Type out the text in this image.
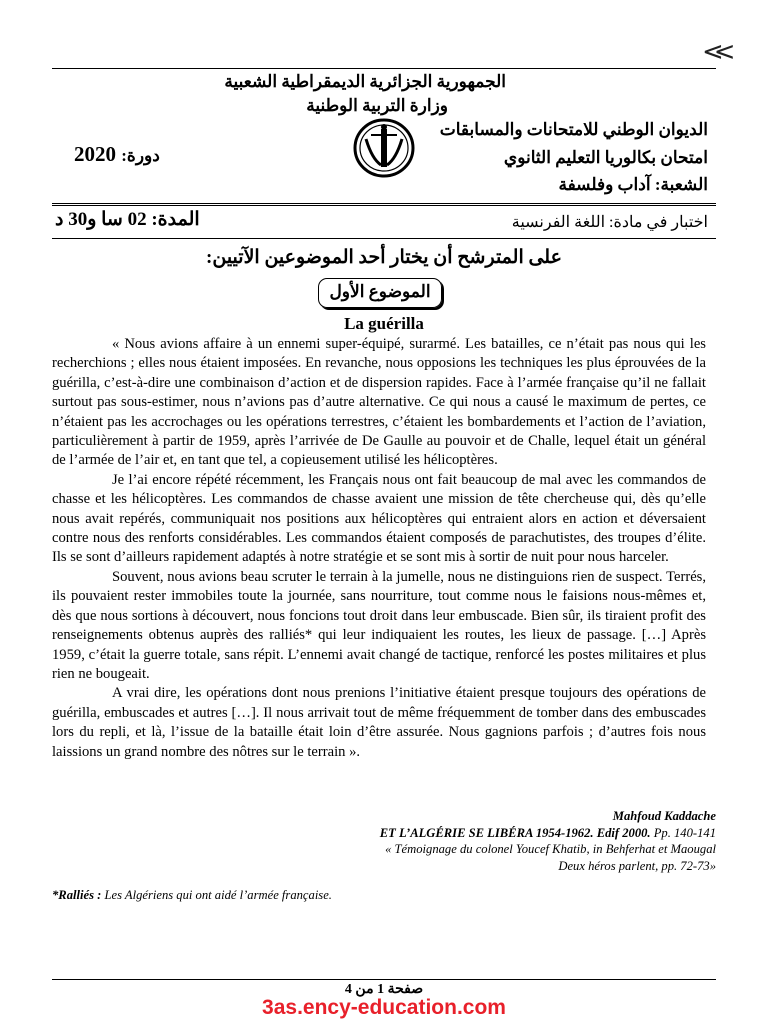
<<
الجمهورية الجزائرية الديمقراطية الشعبية
وزارة التربية الوطنية
الديوان الوطني للامتحانات والمسابقات
امتحان بكالوريا التعليم الثانوي
الشعبة: آداب وفلسفة
دورة: 2020
اختبار في مادة: اللغة الفرنسية
المدة: 02 سا و30 د
على المترشح أن يختار أحد الموضوعين الآتيين:
الموضوع الأول
La guérilla

« Nous avions affaire à un ennemi super-équipé, surarmé. Les batailles, ce n’était pas nous qui les recherchions ; elles nous étaient imposées. En revanche, nous opposions les techniques les plus éprouvées de la guérilla, c’est-à-dire une combinaison d’action et de dispersion rapides. Face à l’armée française qu’il ne fallait surtout pas sous-estimer, nous n’avions pas d’autre alternative. Ce qui nous a causé le maximum de pertes, ce n’étaient pas les accrochages ou les opérations terrestres, c’étaient les bombardements et l’action de l’aviation, particulièrement à partir de 1959, après l’arrivée de De Gaulle au pouvoir et de Challe, lequel était un général de l’armée de l’air et, en tant que tel, a copieusement utilisé les hélicoptères.

Je l’ai encore répété récemment, les Français nous ont fait beaucoup de mal avec les commandos de chasse et les hélicoptères. Les commandos de chasse avaient une mission de tête chercheuse qui, dès qu’elle nous avait repérés, communiquait nos positions aux hélicoptères qui entraient alors en action et déversaient contre nous des renforts considérables. Les commandos étaient composés de parachutistes, des troupes d’élite. Ils se sont d’ailleurs rapidement adaptés à notre stratégie et se sont mis à sortir de nuit pour nous harceler.

Souvent, nous avions beau scruter le terrain à la jumelle, nous ne distinguions rien de suspect. Terrés, ils pouvaient rester immobiles toute la journée, sans nourriture, tout comme nous le faisions nous-mêmes et, dès que nous sortions à découvert, nous foncions tout droit dans leur embuscade. Bien sûr, ils tiraient profit des renseignements obtenus auprès des ralliés* qui leur indiquaient les routes, les lieux de passage. […] Après 1959, c’était la guerre totale, sans répit. L’ennemi avait changé de tactique, renforcé les postes militaires et plus rien ne bougeait.

A vrai dire, les opérations dont nous prenions l’initiative étaient presque toujours des opérations de guérilla, embuscades et autres […]. Il nous arrivait tout de même fréquemment de tomber dans des embuscades lors du repli, et là, l’issue de la bataille était loin d’être assurée. Nous gagnions parfois ; d’autres fois nous laissions un grand nombre des nôtres sur le terrain ».

Mahfoud Kaddache
ET L’ALGÉRIE SE LIBÉRA 1954-1962. Edif 2000. Pp. 140-141
« Témoignage du colonel Youcef Khatib, in Behferhat et Maougal
Deux héros parlent, pp. 72-73»
*Ralliés : Les Algériens qui ont aidé l’armée française.
صفحة 1 من 4
3as.ency-education.com
